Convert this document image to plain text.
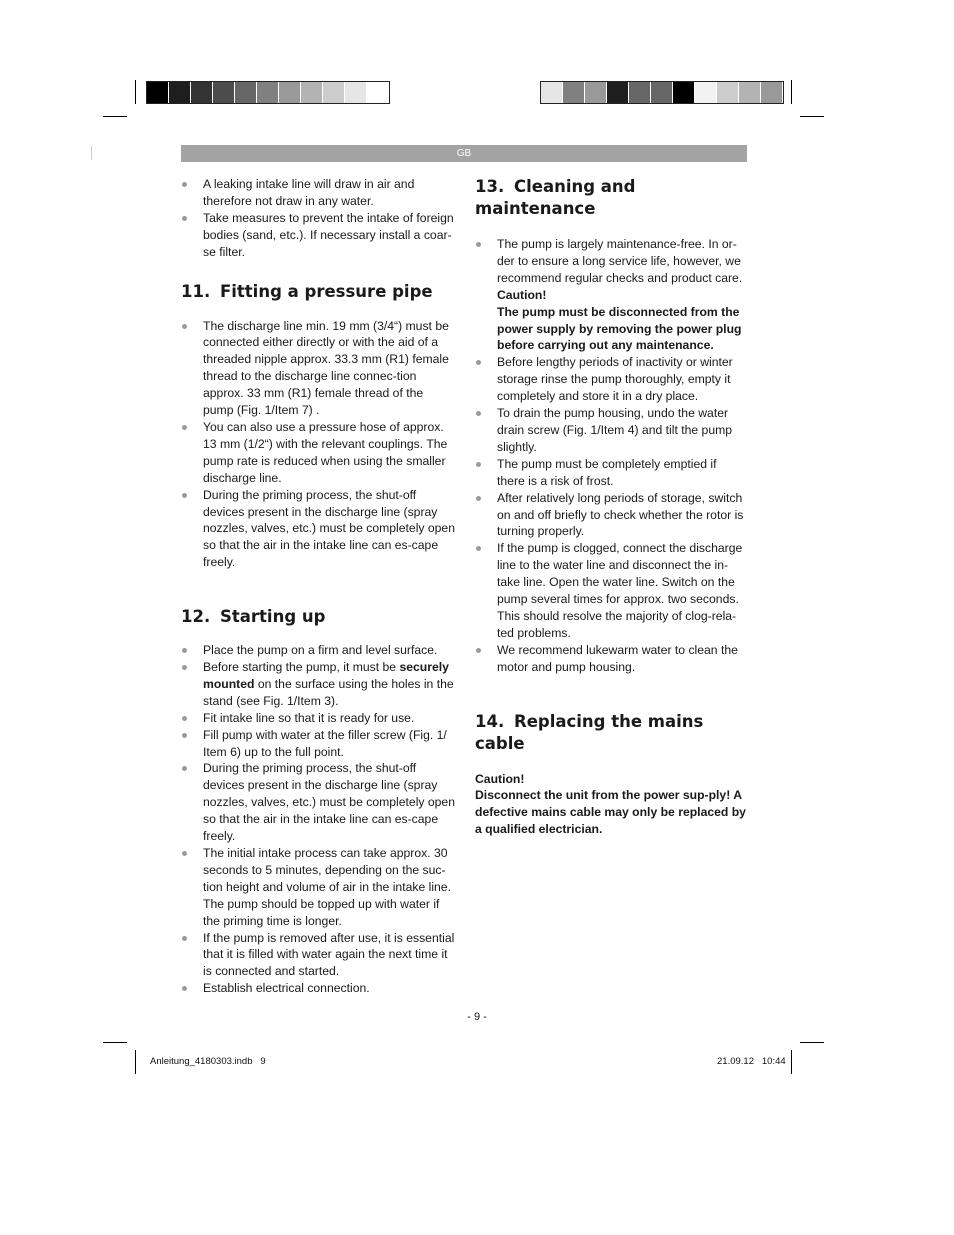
GB
A leaking intake line will draw in air and therefore not draw in any water.
Take measures to prevent the intake of foreign bodies (sand, etc.). If necessary install a coar-se filter.
11. Fitting a pressure pipe
The discharge line min. 19 mm (3/4“) must be connected either directly or with the aid of a threaded nipple approx. 33.3 mm (R1) female thread to the discharge line connec-tion approx. 33 mm (R1) female thread of the pump (Fig. 1/Item 7) .
You can also use a pressure hose of approx. 13 mm (1/2“) with the relevant couplings. The pump rate is reduced when using the smaller discharge line.
During the priming process, the shut-off devices present in the discharge line (spray nozzles, valves, etc.) must be completely open so that the air in the intake line can es-cape freely.
12. Starting up
Place the pump on a firm and level surface.
Before starting the pump, it must be securely mounted on the surface using the holes in the stand (see Fig. 1/Item 3).
Fit intake line so that it is ready for use.
Fill pump with water at the filler screw (Fig. 1/ Item 6) up to the full point.
During the priming process, the shut-off devices present in the discharge line (spray nozzles, valves, etc.) must be completely open so that the air in the intake line can es-cape freely.
The initial intake process can take approx. 30 seconds to 5 minutes, depending on the suc-tion height and volume of air in the intake line. The pump should be topped up with water if the priming time is longer.
If the pump is removed after use, it is essential that it is filled with water again the next time it is connected and started.
Establish electrical connection.
13. Cleaning and maintenance
The pump is largely maintenance-free. In or-der to ensure a long service life, however, we recommend regular checks and product care.
Caution!
The pump must be disconnected from the power supply by removing the power plug before carrying out any maintenance.
Before lengthy periods of inactivity or winter storage rinse the pump thoroughly, empty it completely and store it in a dry place.
To drain the pump housing, undo the water drain screw (Fig. 1/Item 4) and tilt the pump slightly.
The pump must be completely emptied if there is a risk of frost.
After relatively long periods of storage, switch on and off briefly to check whether the rotor is turning properly.
If the pump is clogged, connect the discharge line to the water line and disconnect the in-take line. Open the water line. Switch on the pump several times for approx. two seconds. This should resolve the majority of clog-rela-ted problems.
We recommend lukewarm water to clean the motor and pump housing.
14. Replacing the mains cable
Caution!
Disconnect the unit from the power sup-ply! A defective mains cable may only be replaced by a qualified electrician.
- 9 -
Anleitung_4180303.indb   9	21.09.12   10:44
